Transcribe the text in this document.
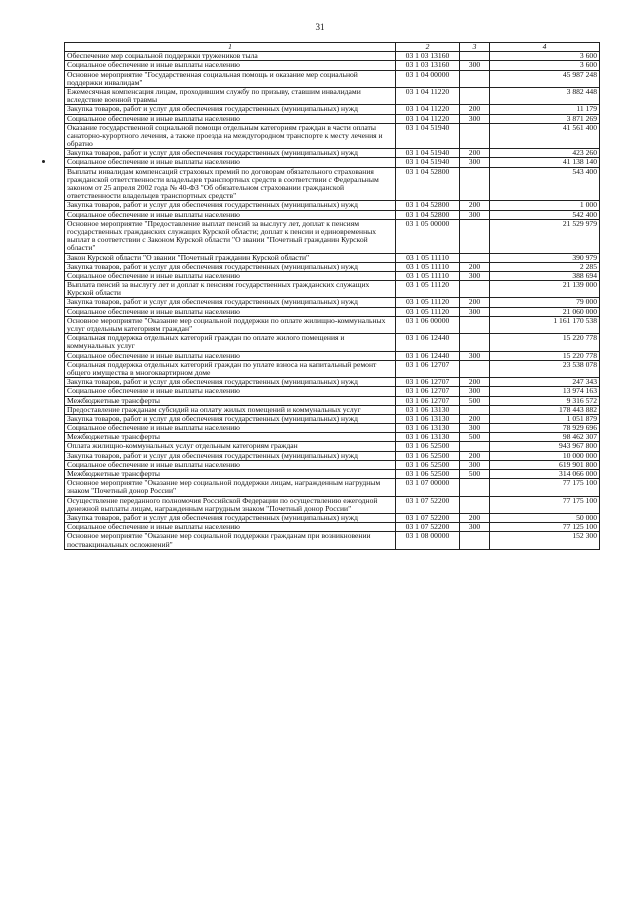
31
1	2	3	4
Обеспечение мер социальной поддержки тружеников тыла	03 1 03 13160		3 600
Социальное обеспечение и иные выплаты населению	03 1 03 13160	300	3 600
Основное мероприятие "Государственная социальная помощь и оказание мер социальной поддержки инвалидам"	03 1 04 00000		45 987 248
Ежемесячная компенсация лицам, проходившим службу по призыву, ставшим инвалидами вследствие военной травмы	03 1 04 11220		3 882 448
Закупка товаров, работ и услуг для обеспечения государственных (муниципальных) нужд	03 1 04 11220	200	11 179
Социальное обеспечение и иные выплаты населению	03 1 04 11220	300	3 871 269
Оказание государственной социальной помощи отдельным категориям граждан в части оплаты санаторно-курортного лечения, а также проезда на междугородном транспорте к месту лечения и обратно	03 1 04 51940		41 561 400
Закупка товаров, работ и услуг для обеспечения государственных (муниципальных) нужд	03 1 04 51940	200	423 260
Социальное обеспечение и иные выплаты населению	03 1 04 51940	300	41 138 140
Выплаты инвалидам компенсаций страховых премий по договорам обязательного страхования гражданской ответственности владельцев транспортных средств в соответствии с Федеральным законом от 25 апреля 2002 года № 40-ФЗ "Об обязательном страховании гражданской ответственности владельцев транспортных средств"	03 1 04 52800		543 400
Закупка товаров, работ и услуг для обеспечения государственных (муниципальных) нужд	03 1 04 52800	200	1 000
Социальное обеспечение и иные выплаты населению	03 1 04 52800	300	542 400
Основное мероприятие "Предоставление выплат пенсий за выслугу лет, доплат к пенсиям государственных гражданских служащих Курской области; доплат к пенсии и единовременных выплат в соответствии с Законом Курской области "О звании "Почетный гражданин Курской области"	03 1 05 00000		21 529 979
Закон Курской области "О звании "Почетный гражданин Курской области"	03 1 05 11110		390 979
Закупка товаров, работ и услуг для обеспечения государственных (муниципальных) нужд	03 1 05 11110	200	2 285
Социальное обеспечение и иные выплаты населению	03 1 05 11110	300	388 694
Выплата пенсий за выслугу лет и доплат к пенсиям государственных гражданских служащих Курской области	03 1 05 11120		21 139 000
Закупка товаров, работ и услуг для обеспечения государственных (муниципальных) нужд	03 1 05 11120	200	79 000
Социальное обеспечение и иные выплаты населению	03 1 05 11120	300	21 060 000
Основное мероприятие "Оказание мер социальной поддержки по оплате жилищно-коммунальных услуг отдельным категориям граждан"	03 1 06 00000		1 161 170 538
Социальная поддержка отдельных категорий граждан по оплате жилого помещения и коммунальных услуг	03 1 06 12440		15 220 778
Социальное обеспечение и иные выплаты населению	03 1 06 12440	300	15 220 778
Социальная поддержка отдельных категорий граждан по уплате взноса на капитальный ремонт общего имущества в многоквартирном доме	03 1 06 12707		23 538 078
Закупка товаров, работ и услуг для обеспечения государственных (муниципальных) нужд	03 1 06 12707	200	247 343
Социальное обеспечение и иные выплаты населению	03 1 06 12707	300	13 974 163
Межбюджетные трансферты	03 1 06 12707	500	9 316 572
Предоставление гражданам субсидий на оплату жилых помещений и коммунальных услуг	03 1 06 13130		178 443 882
Закупка товаров, работ и услуг для обеспечения государственных (муниципальных) нужд	03 1 06 13130	200	1 051 879
Социальное обеспечение и иные выплаты населению	03 1 06 13130	300	78 929 696
Межбюджетные трансферты	03 1 06 13130	500	98 462 307
Оплата жилищно-коммунальных услуг отдельным категориям граждан	03 1 06 52500		943 967 800
Закупка товаров, работ и услуг для обеспечения государственных (муниципальных) нужд	03 1 06 52500	200	10 000 000
Социальное обеспечение и иные выплаты населению	03 1 06 52500	300	619 901 800
Межбюджетные трансферты	03 1 06 52500	500	314 066 000
Основное мероприятие "Оказание мер социальной поддержки лицам, награжденным нагрудным знаком "Почетный донор России"	03 1 07 00000		77 175 100
Осуществление переданного полномочия Российской Федерации по осуществлению ежегодной денежной выплаты лицам, награжденным нагрудным знаком "Почетный донор России"	03 1 07 52200		77 175 100
Закупка товаров, работ и услуг для обеспечения государственных (муниципальных) нужд	03 1 07 52200	200	50 000
Социальное обеспечение и иные выплаты населению	03 1 07 52200	300	77 125 100
Основное мероприятие "Оказание мер социальной поддержки гражданам при возникновении поствакцинальных осложнений"	03 1 08 00000		152 300
